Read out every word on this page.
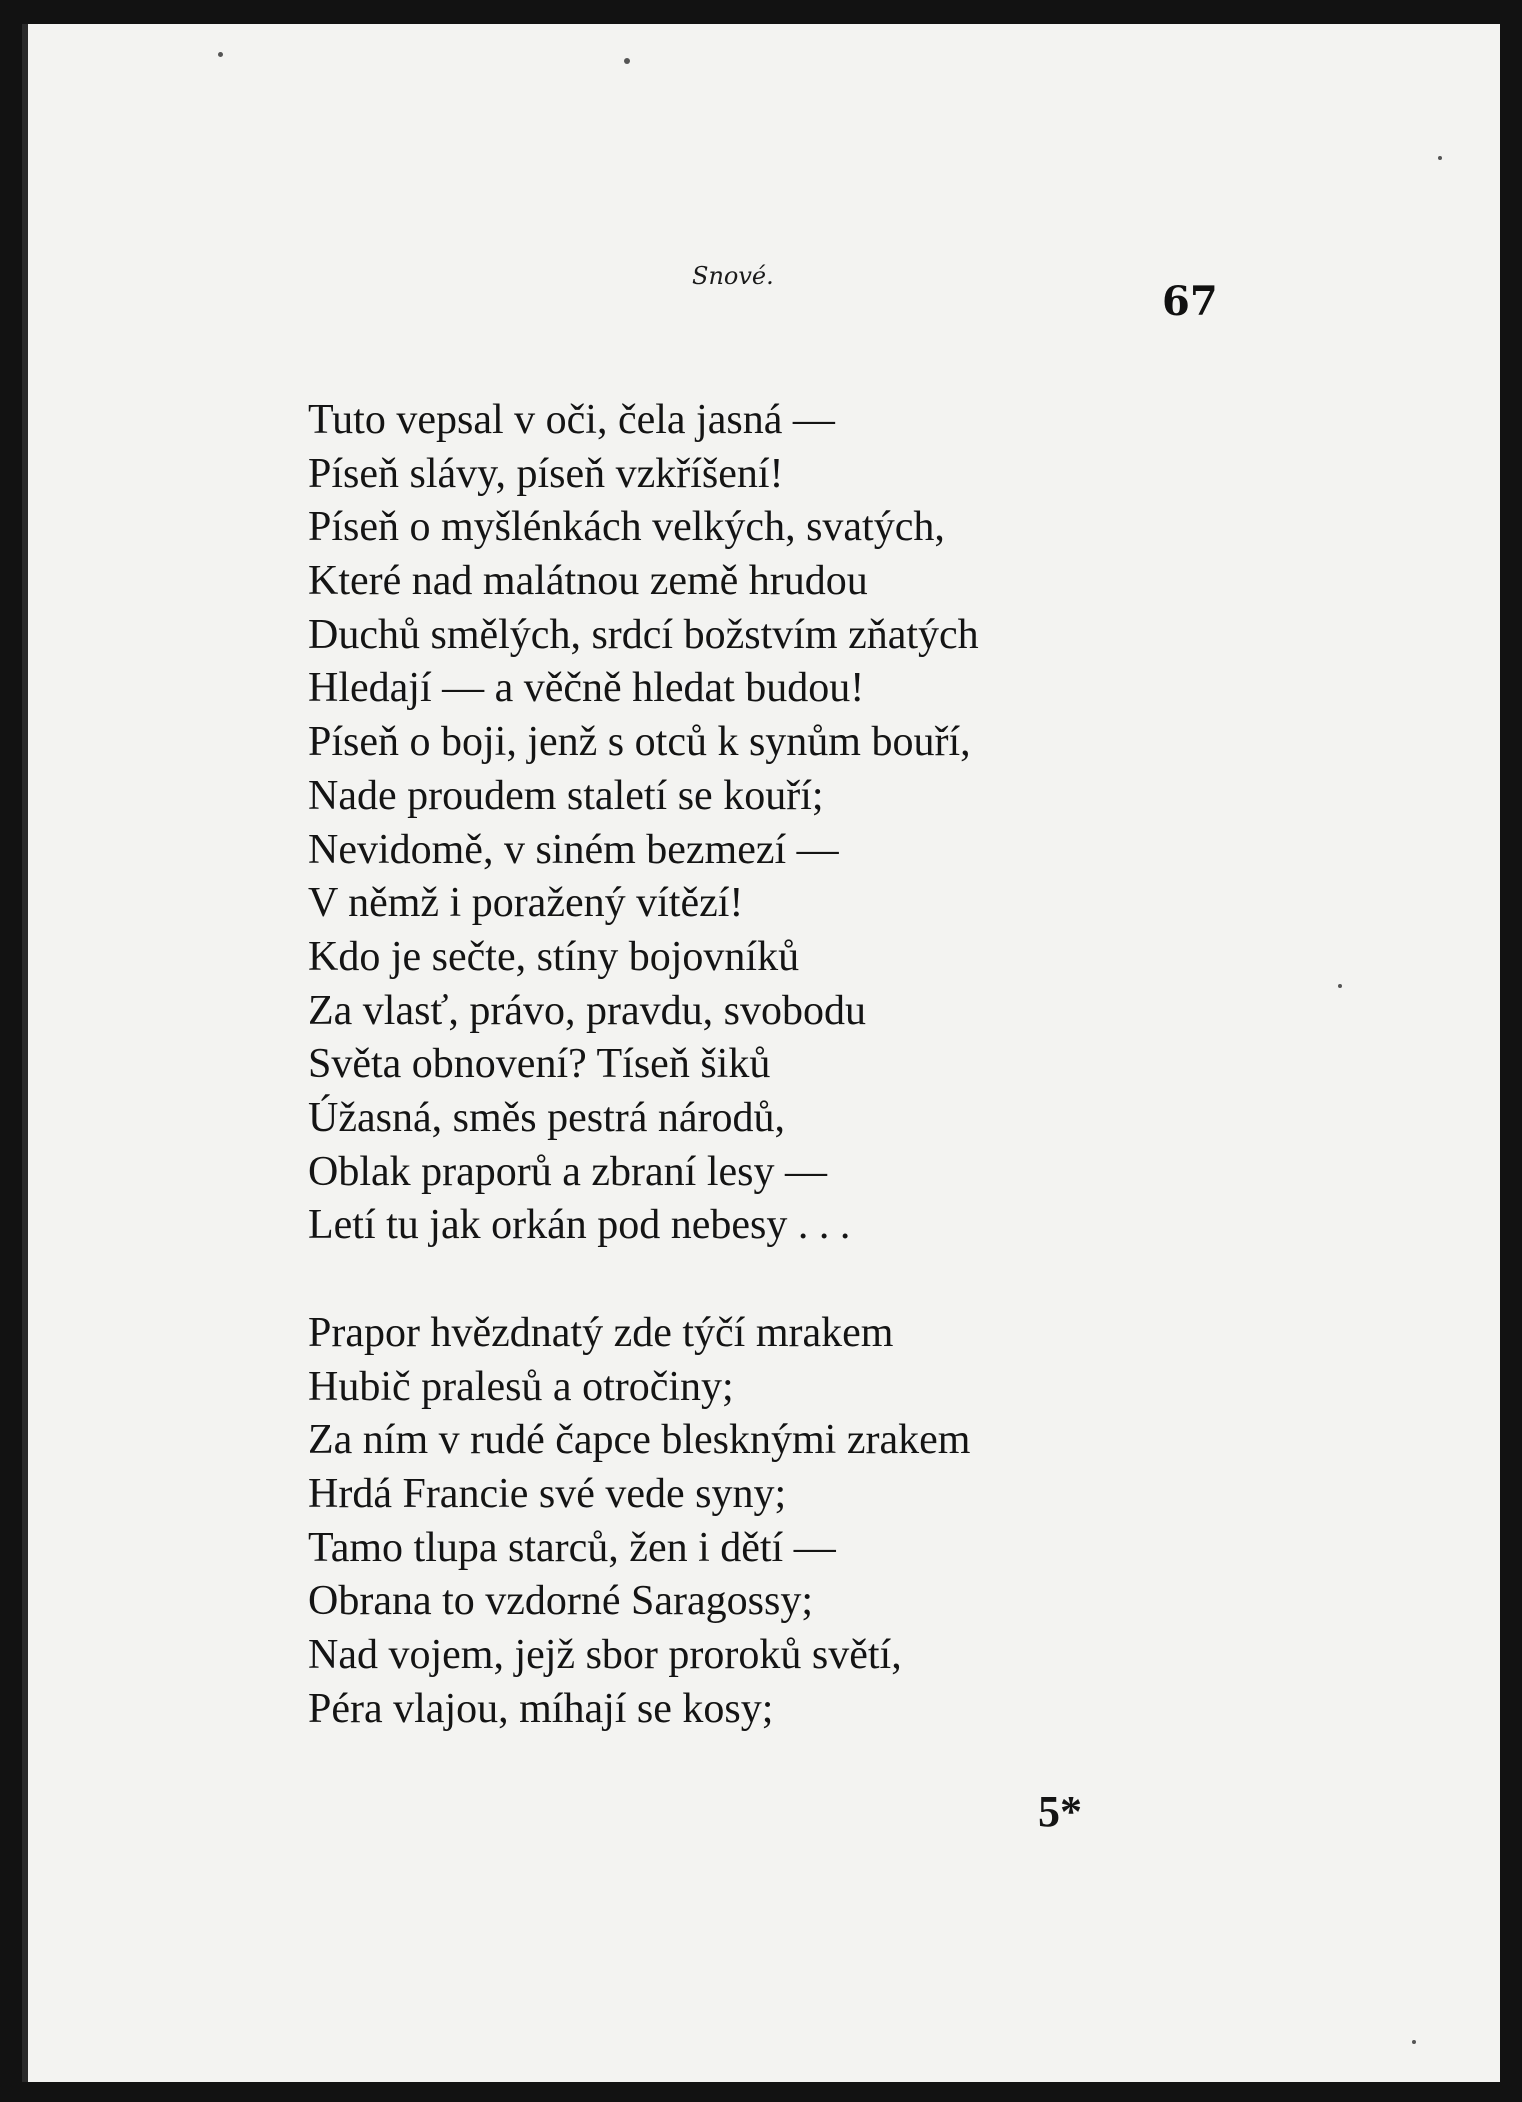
Snové.
67
Tuto vepsal v oči, čela jasná —
Píseň slávy, píseň vzkříšení!
Píseň o myšlénkách velkých, svatých,
Které nad malátnou země hrudou
Duchů smělých, srdcí božstvím zňatých
Hledají — a věčně hledat budou!
Píseň o boji, jenž s otců k synům bouří,
Nade proudem staletí se kouří;
Nevidomě, v siném bezmezí —
V němž i poražený vítězí!
Kdo je sečte, stíny bojovníků
Za vlasť, právo, pravdu, svobodu
Světa obnovení? Tíseň šiků
Úžasná, směs pestrá národů,
Oblak praporů a zbraní lesy —
Letí tu jak orkán pod nebesy . . .
Prapor hvězdnatý zde týčí mrakem
Hubič pralesů a otročiny;
Za ním v rudé čapce blesknými zrakem
Hrdá Francie své vede syny;
Tamo tlupa starců, žen i dětí —
Obrana to vzdorné Saragossy;
Nad vojem, jejž sbor proroků světí,
Péra vlajou, míhají se kosy;
5*
